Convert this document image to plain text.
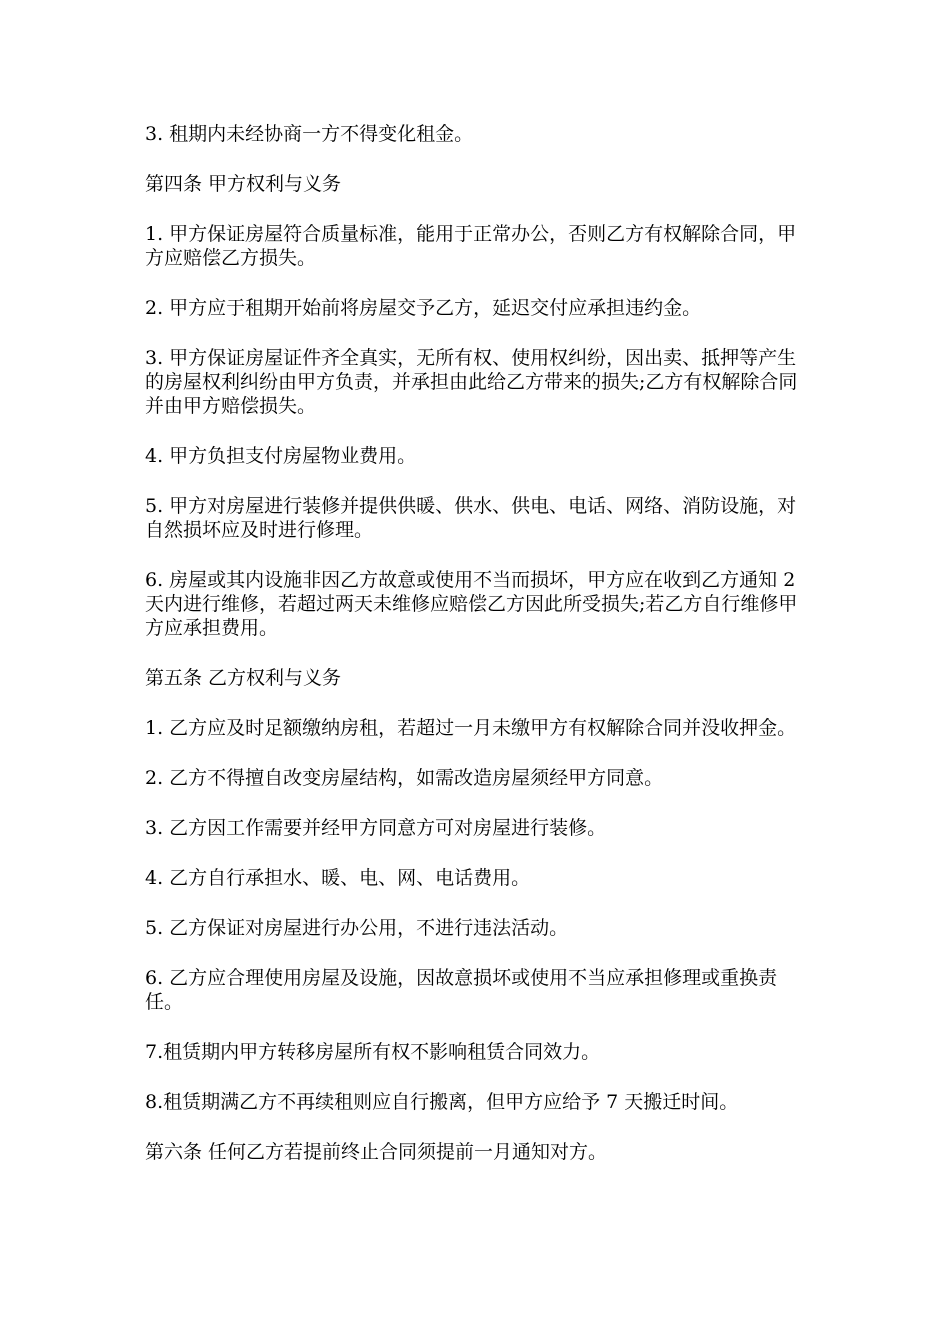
3. 租期内未经协商一方不得变化租金。

第四条 甲方权利与义务

1. 甲方保证房屋符合质量标准，能用于正常办公，否则乙方有权解除合同，甲方应赔偿乙方损失。

2. 甲方应于租期开始前将房屋交予乙方，延迟交付应承担违约金。

3. 甲方保证房屋证件齐全真实，无所有权、使用权纠纷，因出卖、抵押等产生的房屋权利纠纷由甲方负责，并承担由此给乙方带来的损失;乙方有权解除合同并由甲方赔偿损失。

4. 甲方负担支付房屋物业费用。

5. 甲方对房屋进行装修并提供供暖、供水、供电、电话、网络、消防设施，对自然损坏应及时进行修理。

6. 房屋或其内设施非因乙方故意或使用不当而损坏，甲方应在收到乙方通知 2 天内进行维修，若超过两天未维修应赔偿乙方因此所受损失;若乙方自行维修甲方应承担费用。

第五条 乙方权利与义务

1. 乙方应及时足额缴纳房租，若超过一月未缴甲方有权解除合同并没收押金。

2. 乙方不得擅自改变房屋结构，如需改造房屋须经甲方同意。

3. 乙方因工作需要并经甲方同意方可对房屋进行装修。

4. 乙方自行承担水、暖、电、网、电话费用。

5. 乙方保证对房屋进行办公用，不进行违法活动。

6. 乙方应合理使用房屋及设施，因故意损坏或使用不当应承担修理或重换责任。

7.租赁期内甲方转移房屋所有权不影响租赁合同效力。

8.租赁期满乙方不再续租则应自行搬离，但甲方应给予 7 天搬迁时间。

第六条 任何乙方若提前终止合同须提前一月通知对方。
